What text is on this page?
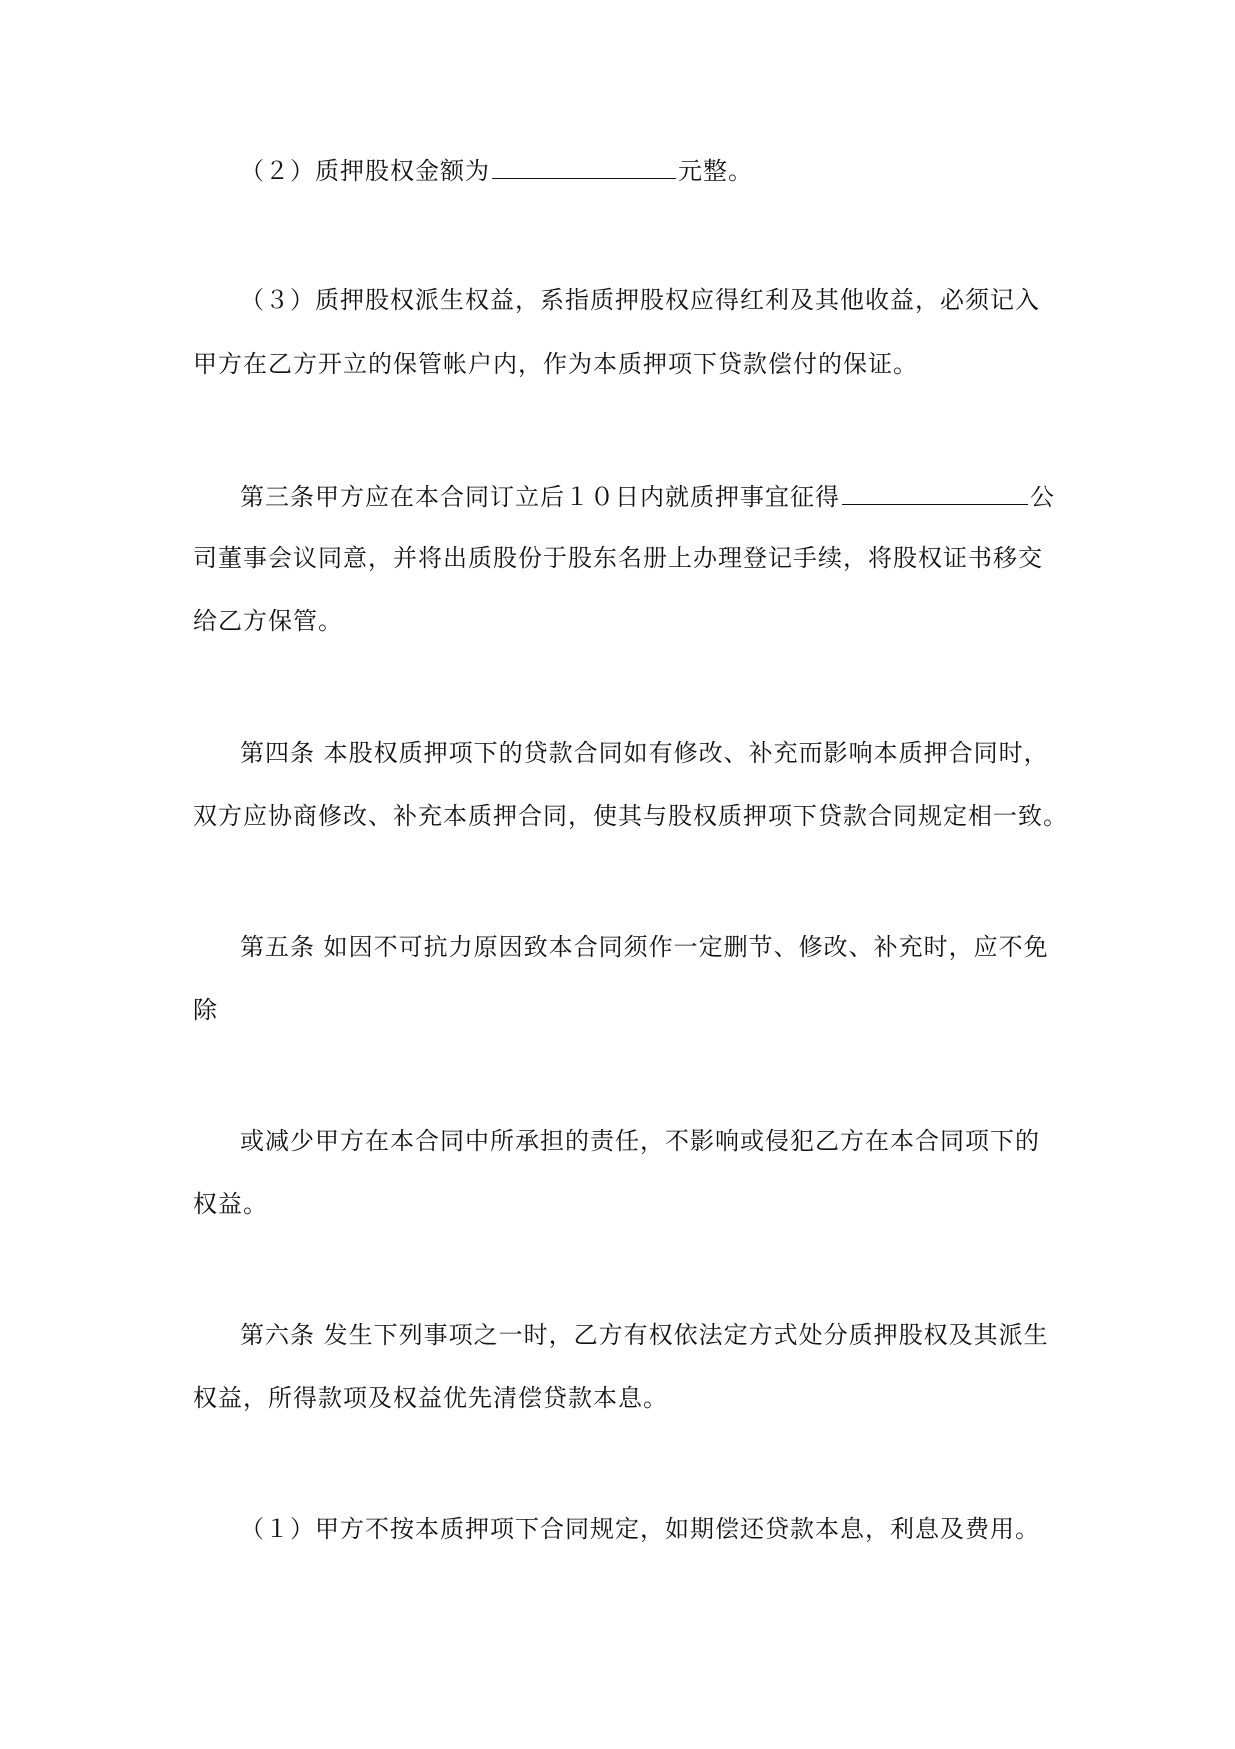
（２）质押股权金额为	元整。
（３）质押股权派生权益，系指质押股权应得红利及其他收益，必须记入
甲方在乙方开立的保管帐户内，作为本质押项下贷款偿付的保证。
第三条甲方应在本合同订立后１０日内就质押事宜征得	公
司董事会议同意，并将出质股份于股东名册上办理登记手续，将股权证书移交
给乙方保管。
第四条 本股权质押项下的贷款合同如有修改、补充而影响本质押合同时，
双方应协商修改、补充本质押合同，使其与股权质押项下贷款合同规定相一致。
第五条 如因不可抗力原因致本合同须作一定删节、修改、补充时，应不免
除
或减少甲方在本合同中所承担的责任，不影响或侵犯乙方在本合同项下的
权益。
第六条 发生下列事项之一时，乙方有权依法定方式处分质押股权及其派生
权益，所得款项及权益优先清偿贷款本息。
（１）甲方不按本质押项下合同规定，如期偿还贷款本息，利息及费用。
